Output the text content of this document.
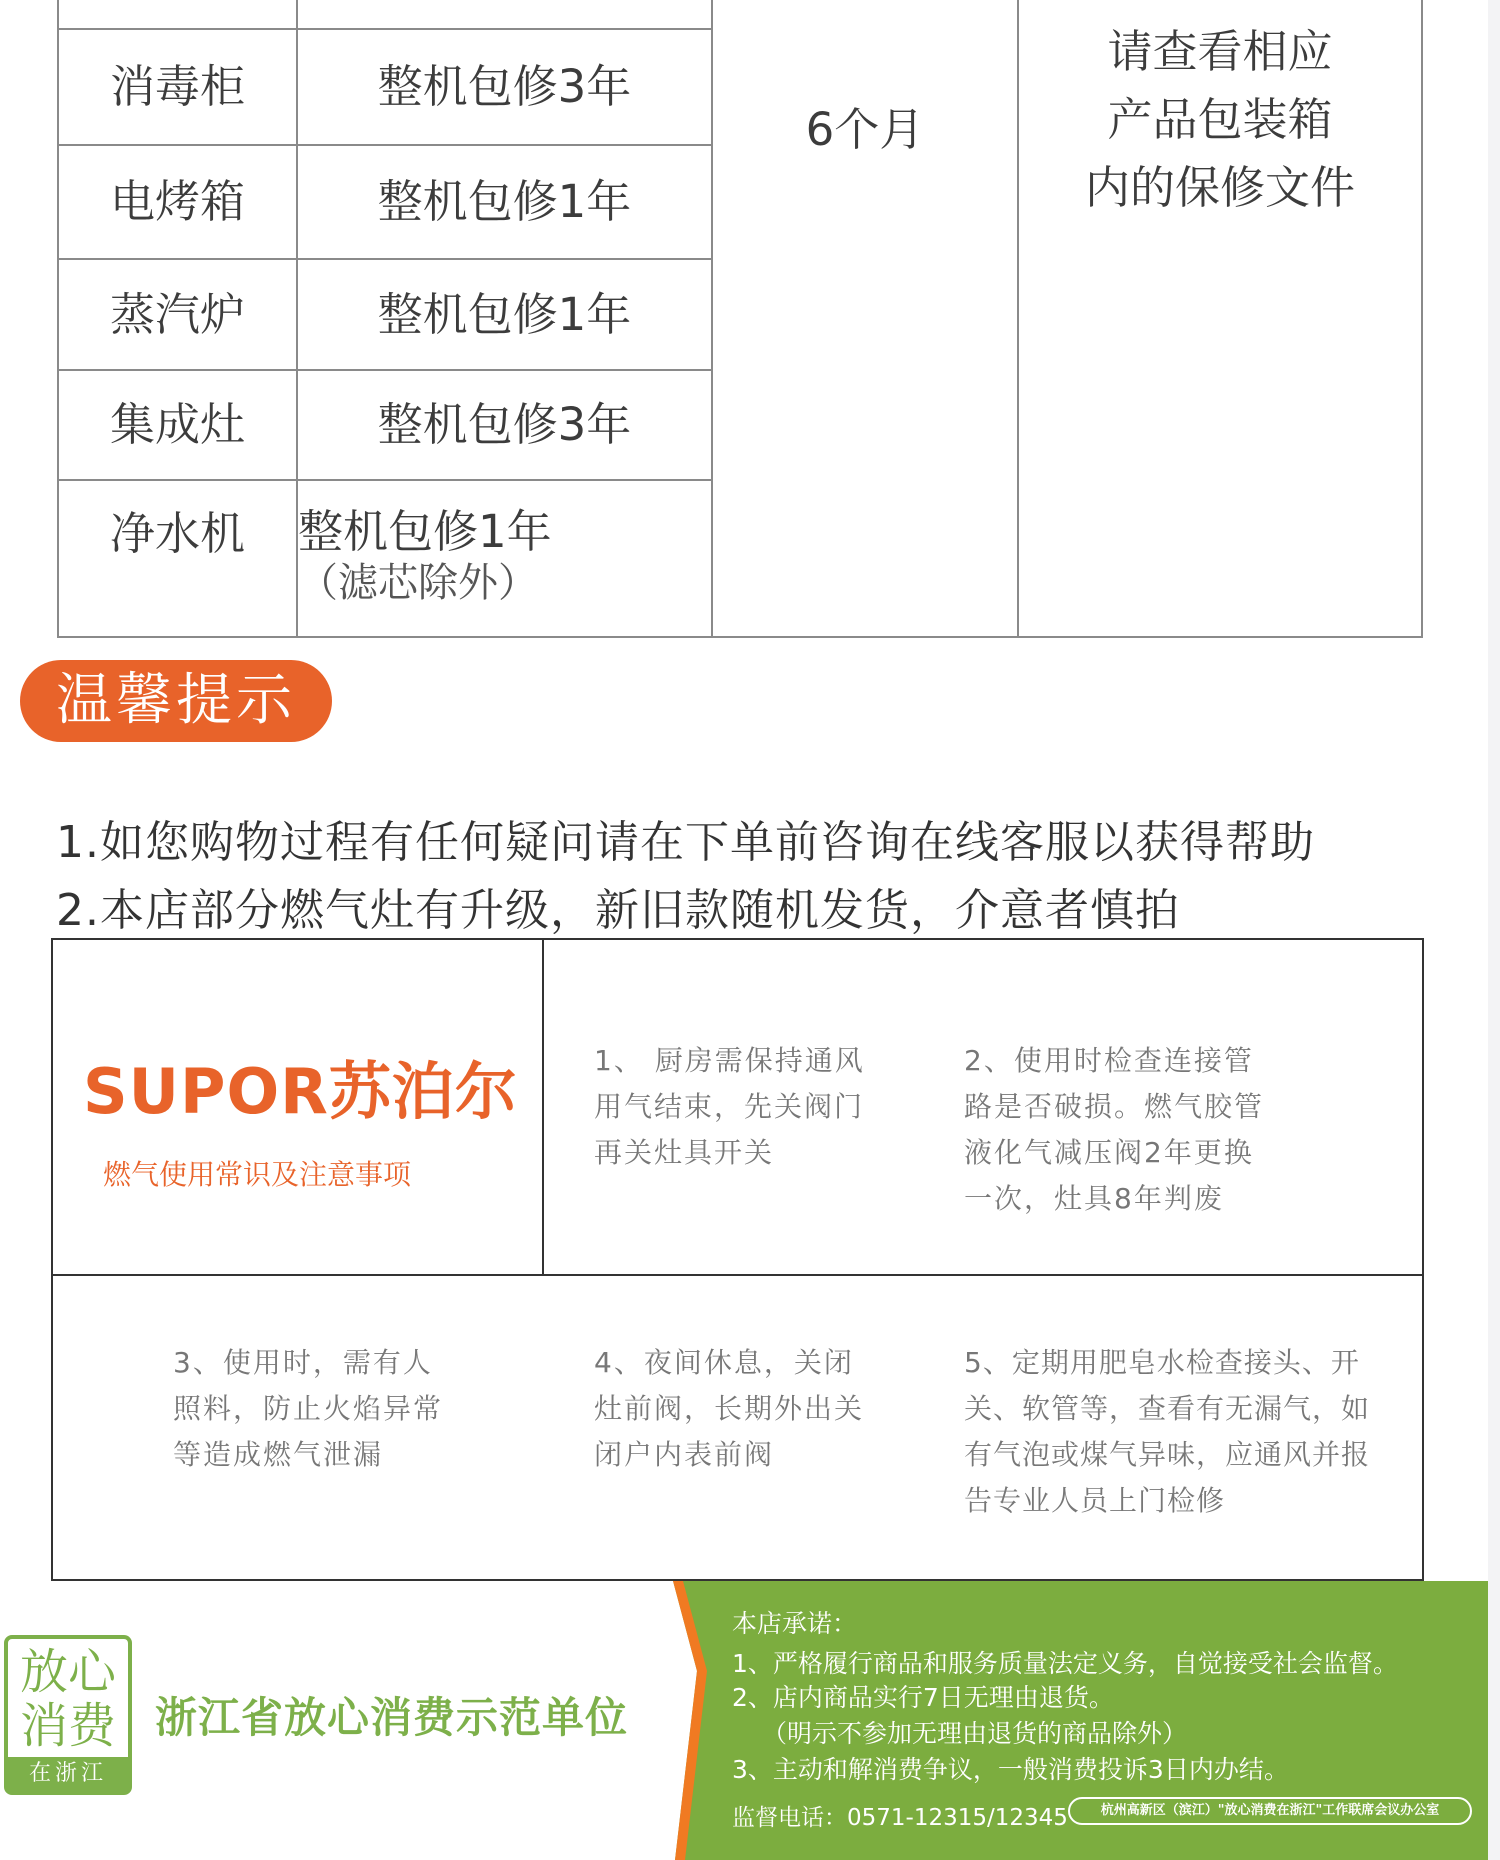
消毒柜	整机包修3年
电烤箱	整机包修1年
蒸汽炉	整机包修1年
集成灶	整机包修3年
净水机	整机包修1年
（滤芯除外）
6个月
请查看相应
产品包装箱
内的保修文件
温馨提示
1.如您购物过程有任何疑问请在下单前咨询在线客服以获得帮助
2.本店部分燃气灶有升级，新旧款随机发货，介意者慎拍
SUPOR苏泊尔
燃气使用常识及注意事项
1、 厨房需保持通风
用气结束，先关阀门
再关灶具开关
2、使用时检查连接管
路是否破损。燃气胶管
液化气减压阀2年更换
一次，灶具8年判废
3、使用时，需有人
照料，防止火焰异常
等造成燃气泄漏
4、夜间休息，关闭
灶前阀，长期外出关
闭户内表前阀
5、定期用肥皂水检查接头、开
关、软管等，查看有无漏气，如
有气泡或煤气异味，应通风并报
告专业人员上门检修
放心
消费
在浙江
浙江省放心消费示范单位
本店承诺：
1、严格履行商品和服务质量法定义务，自觉接受社会监督。
2、店内商品实行7日无理由退货。
（明示不参加无理由退货的商品除外）
3、主动和解消费争议，一般消费投诉3日内办结。
监督电话：0571-12315/12345	杭州高新区（滨江）"放心消费在浙江"工作联席会议办公室
